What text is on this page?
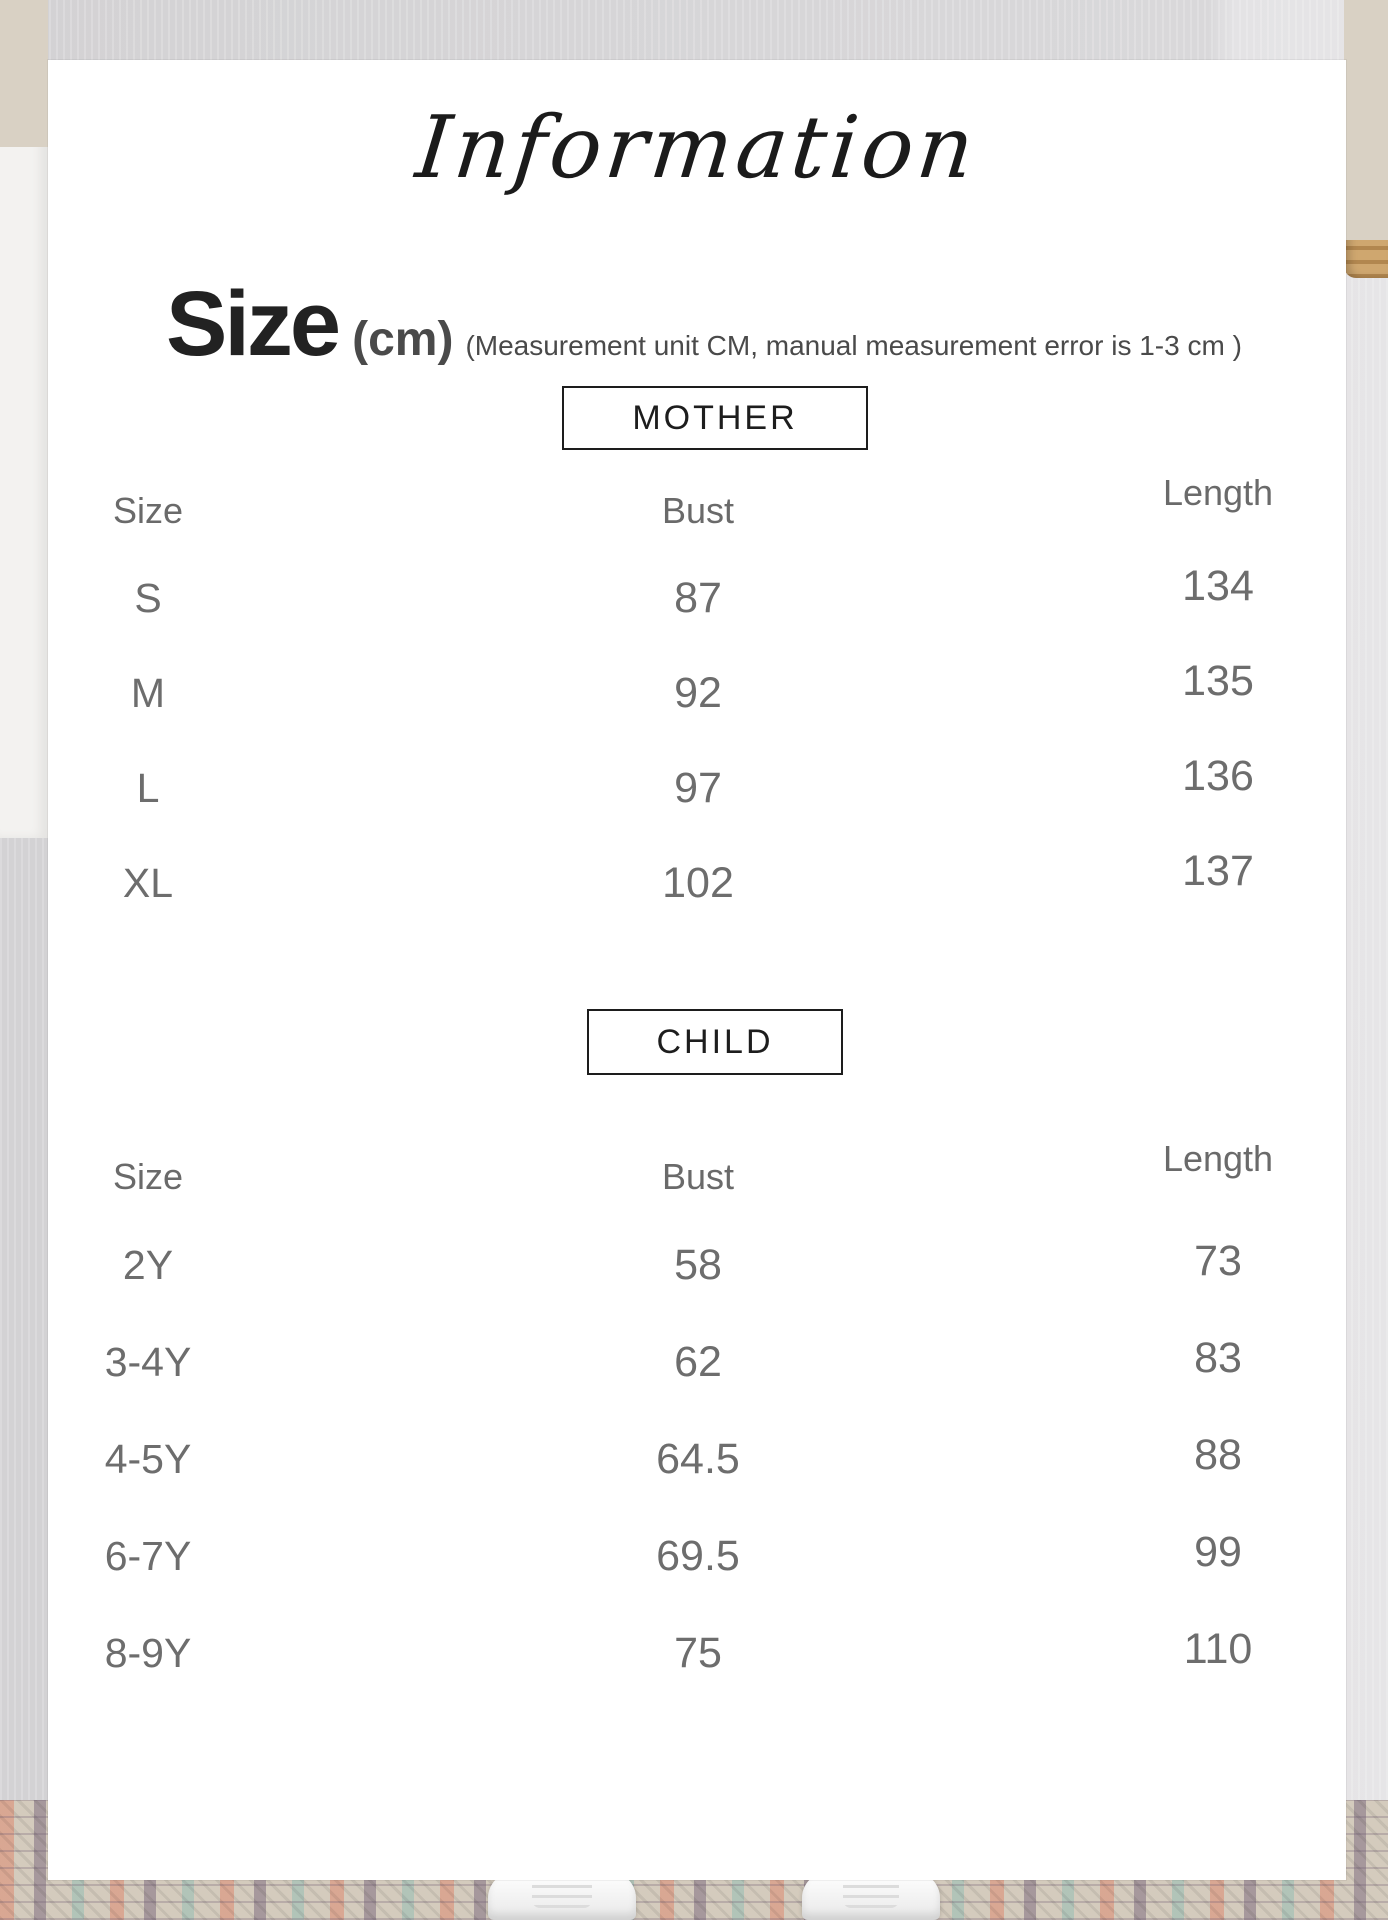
Information
Size (cm) (Measurement unit CM, manual measurement error is 1-3 cm )
MOTHER
Size	Bust	Length
S	87	134
M	92	135
L	97	136
XL	102	137
CHILD
Size	Bust	Length
2Y	58	73
3-4Y	62	83
4-5Y	64.5	88
6-7Y	69.5	99
8-9Y	75	110
